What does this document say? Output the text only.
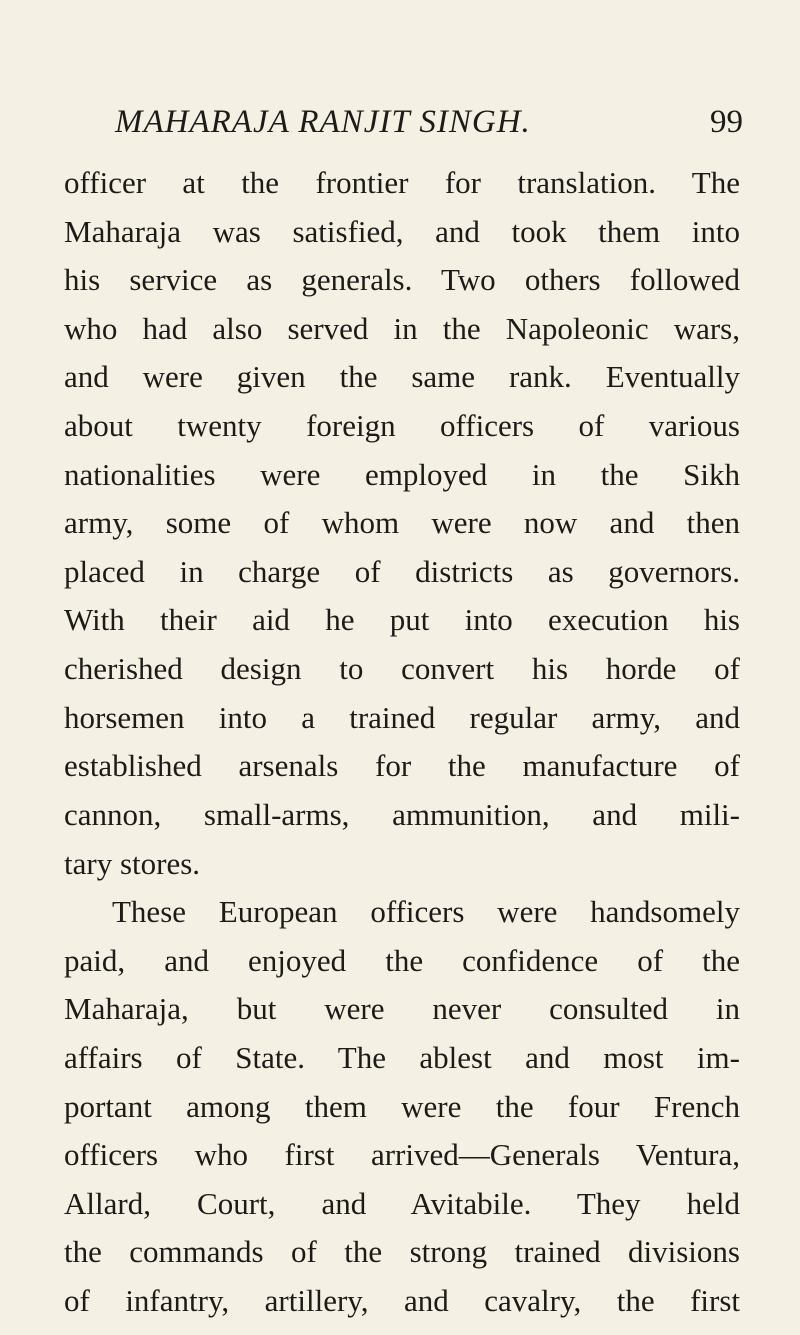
MAHARAJA RANJIT SINGH.	99
officer at the frontier for translation. The
Maharaja was satisfied, and took them into
his service as generals. Two others followed
who had also served in the Napoleonic wars,
and were given the same rank. Eventually
about twenty foreign officers of various
nationalities were employed in the Sikh
army, some of whom were now and then
placed in charge of districts as governors.
With their aid he put into execution his
cherished design to convert his horde of
horsemen into a trained regular army, and
established arsenals for the manufacture of
cannon, small-arms, ammunition, and mili-
tary stores.
These European officers were handsomely
paid, and enjoyed the confidence of the
Maharaja, but were never consulted in
affairs of State. The ablest and most im-
portant among them were the four French
officers who first arrived—Generals Ventura,
Allard, Court, and Avitabile. They held
the commands of the strong trained divisions
of infantry, artillery, and cavalry, the first
